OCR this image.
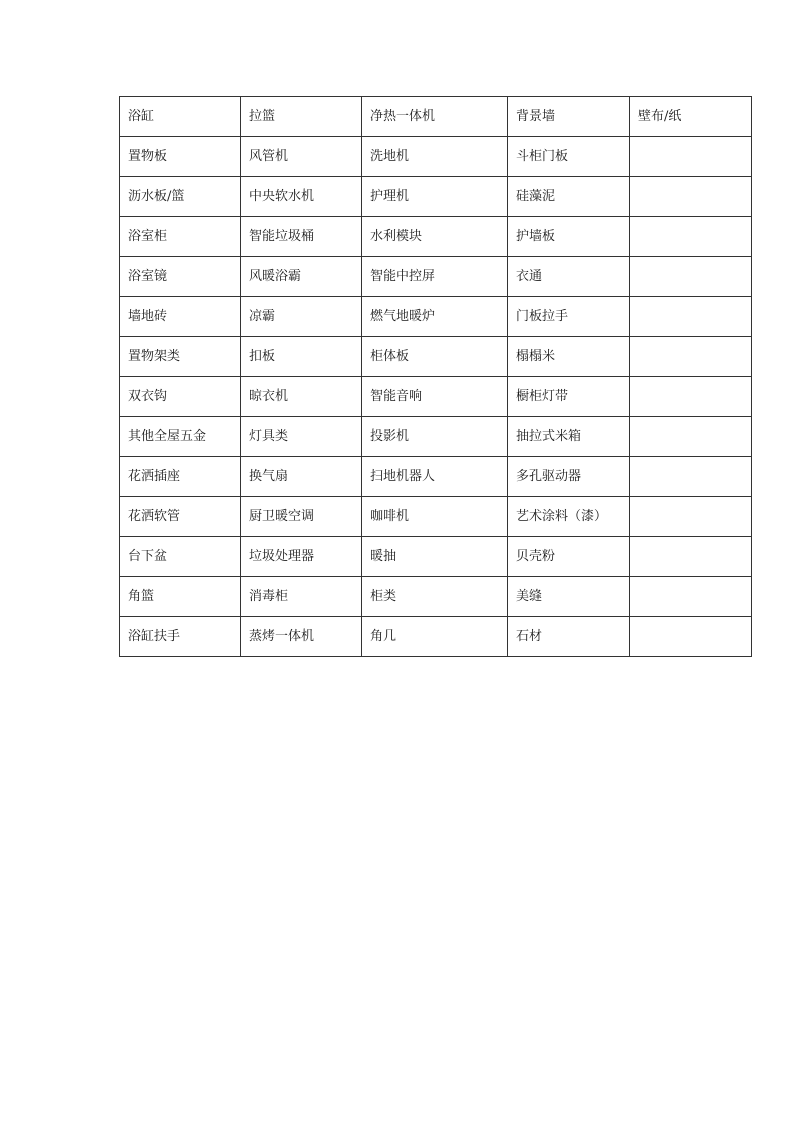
浴缸	拉篮	净热一体机	背景墙	壁布/纸
置物板	风管机	洗地机	斗柜门板	
沥水板/篮	中央软水机	护理机	硅藻泥	
浴室柜	智能垃圾桶	水利模块	护墙板	
浴室镜	风暖浴霸	智能中控屏	衣通	
墙地砖	凉霸	燃气地暖炉	门板拉手	
置物架类	扣板	柜体板	榻榻米	
双衣钩	晾衣机	智能音响	橱柜灯带	
其他全屋五金	灯具类	投影机	抽拉式米箱	
花洒插座	换气扇	扫地机器人	多孔驱动器	
花洒软管	厨卫暖空调	咖啡机	艺术涂料（漆）	
台下盆	垃圾处理器	暖抽	贝壳粉	
角篮	消毒柜	柜类	美缝	
浴缸扶手	蒸烤一体机	角几	石材	
